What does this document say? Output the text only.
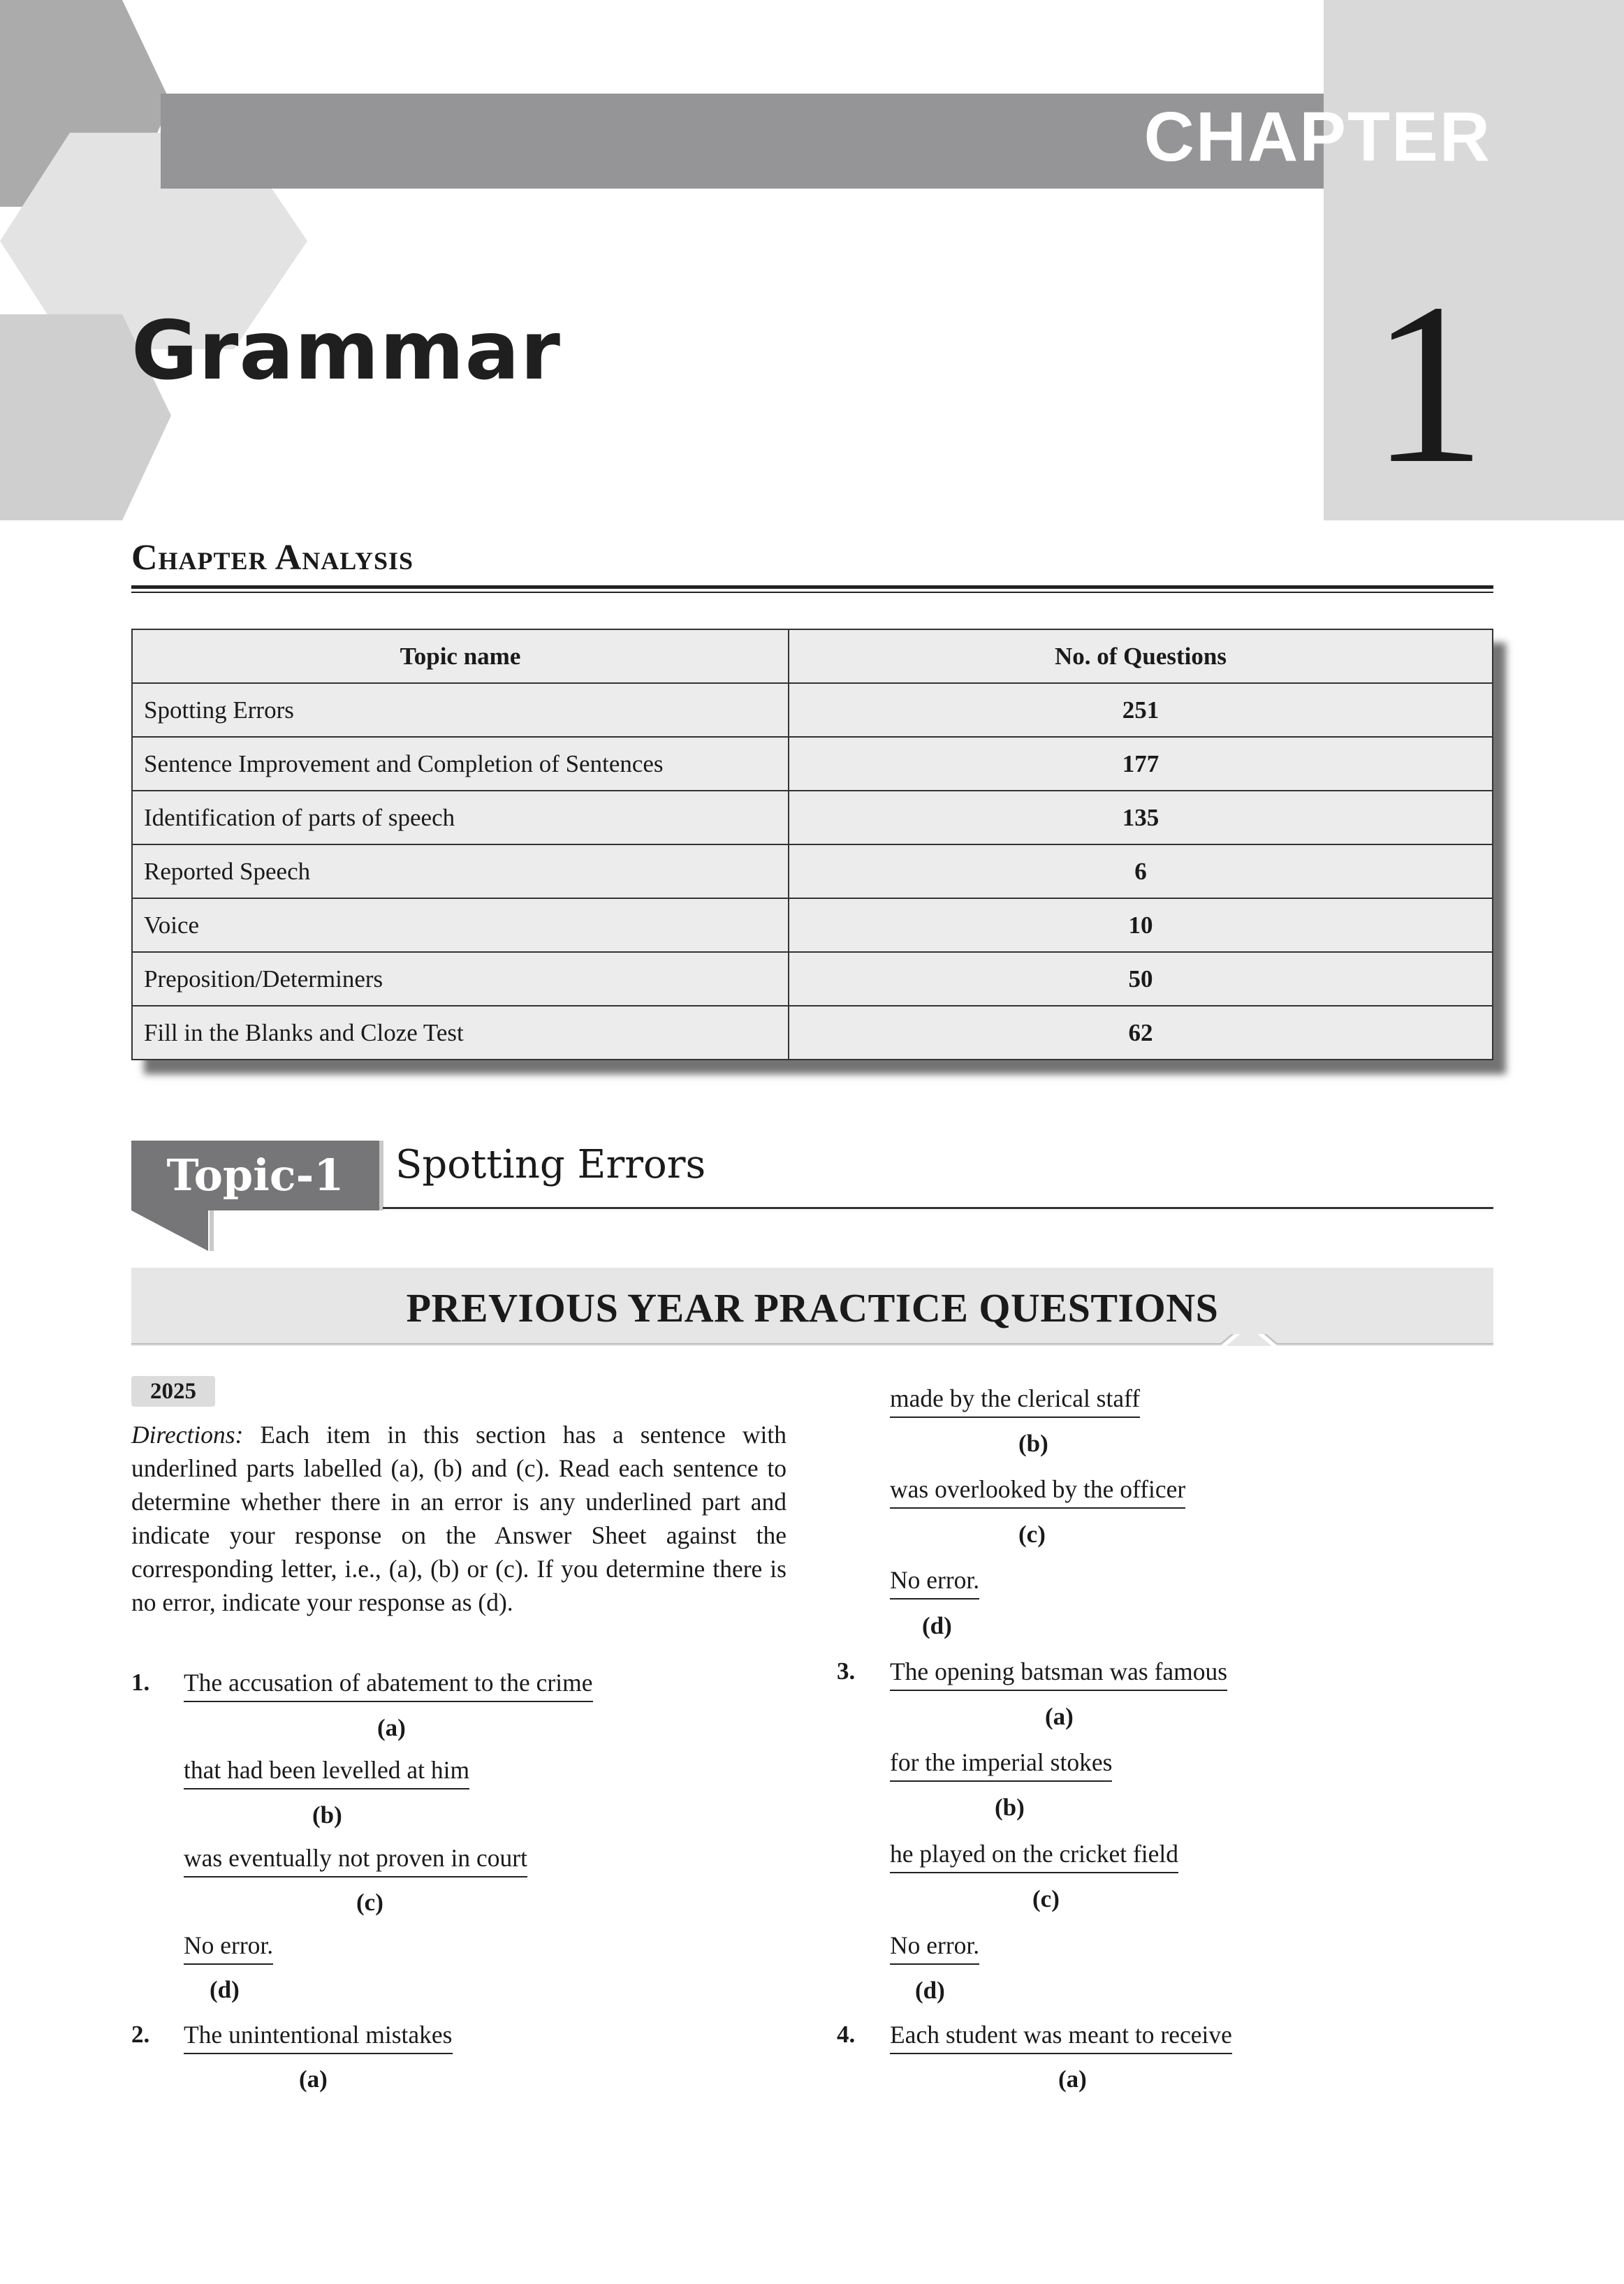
CHAPTER
1
Grammar
Chapter Analysis
Topic name	No. of Questions
Spotting Errors	251
Sentence Improvement and Completion of Sentences	177
Identification of parts of speech	135
Reported Speech	6
Voice	10
Preposition/Determiners	50
Fill in the Blanks and Cloze Test	62
Topic-1	Spotting Errors
PREVIOUS YEAR PRACTICE QUESTIONS
2025
Directions: Each item in this section has a sentence with underlined parts labelled (a), (b) and (c). Read each sentence to determine whether there in an error is any underlined part and indicate your response on the Answer Sheet against the corresponding letter, i.e., (a), (b) or (c). If you determine there is no error, indicate your response as (d).
1. The accusation of abatement to the crime
(a)
that had been levelled at him
(b)
was eventually not proven in court
(c)
No error.
(d)
2. The unintentional mistakes
(a)
made by the clerical staff
(b)
was overlooked by the officer
(c)
No error.
(d)
3. The opening batsman was famous
(a)
for the imperial stokes
(b)
he played on the cricket field
(c)
No error.
(d)
4. Each student was meant to receive
(a)
